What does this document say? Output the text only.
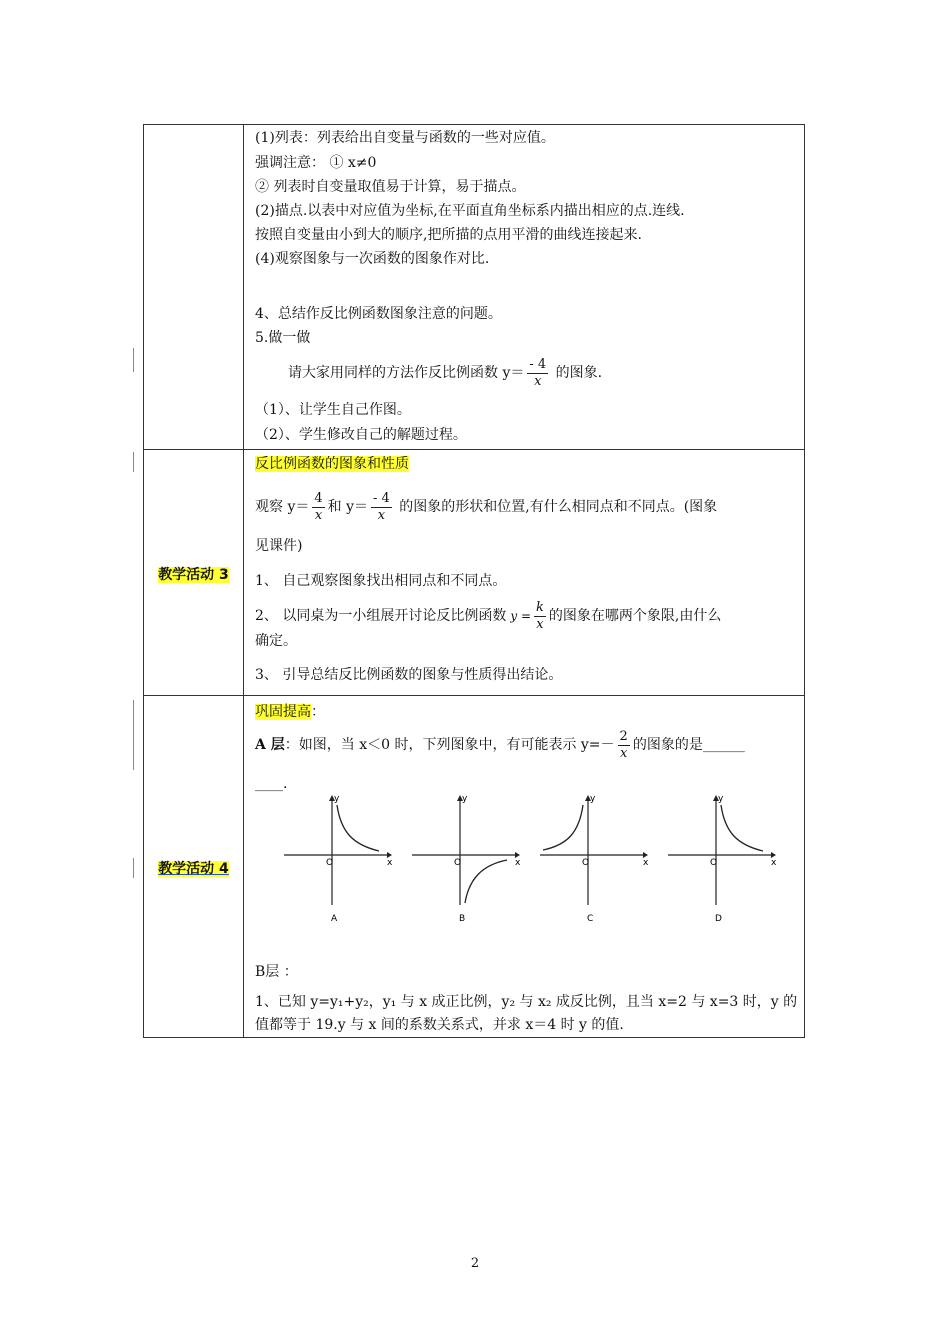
(1)列表：列表给出自变量与函数的一些对应值。
强调注意： ① x≠0
② 列表时自变量取值易于计算，易于描点。
(2)描点.以表中对应值为坐标,在平面直角坐标系内描出相应的点.连线.
按照自变量由小到大的顺序,把所描的点用平滑的曲线连接起来.
(4)观察图象与一次函数的图象作对比.
4、总结作反比例函数图象注意的问题。
5.做一做
请大家用同样的方法作反比例函数 $y= \frac{- 4}{x}$ 的图象.
（1）、让学生自己作图。
（2）、学生修改自己的解题过程。
教学活动 3
反比例函数的图象和性质
观察 $y= \frac{4}{x}$ 和 $y= \frac{- 4}{x}$ 的图象的形状和位置,有什么相同点和不同点。(图象
见课件)
1、 自己观察图象找出相同点和不同点。
2、 以同桌为一小组展开讨论反比例函数 $y = \frac{k}{x}$ 的图象在哪两个象限,由什么
确定。
3、 引导总结反比例函数的图象与性质得出结论。
教学活动 4
巩固提高：
A 层：如图，当 x＜0 时，下列图象中，有可能表示 $y=- \frac{2}{x}$ 的图象的是______
____.
x
y
O
A
x
y
O
B
x
y
O
C
x
y
O
D
B层 ：
1、已知 y=y₁+y₂，y₁ 与 x 成正比例，y₂ 与 x₂ 成反比例，且当 x=2 与 x=3 时，y 的
值都等于 19.y 与 x 间的系数关系式，并求 x＝4 时 y 的值.
2
